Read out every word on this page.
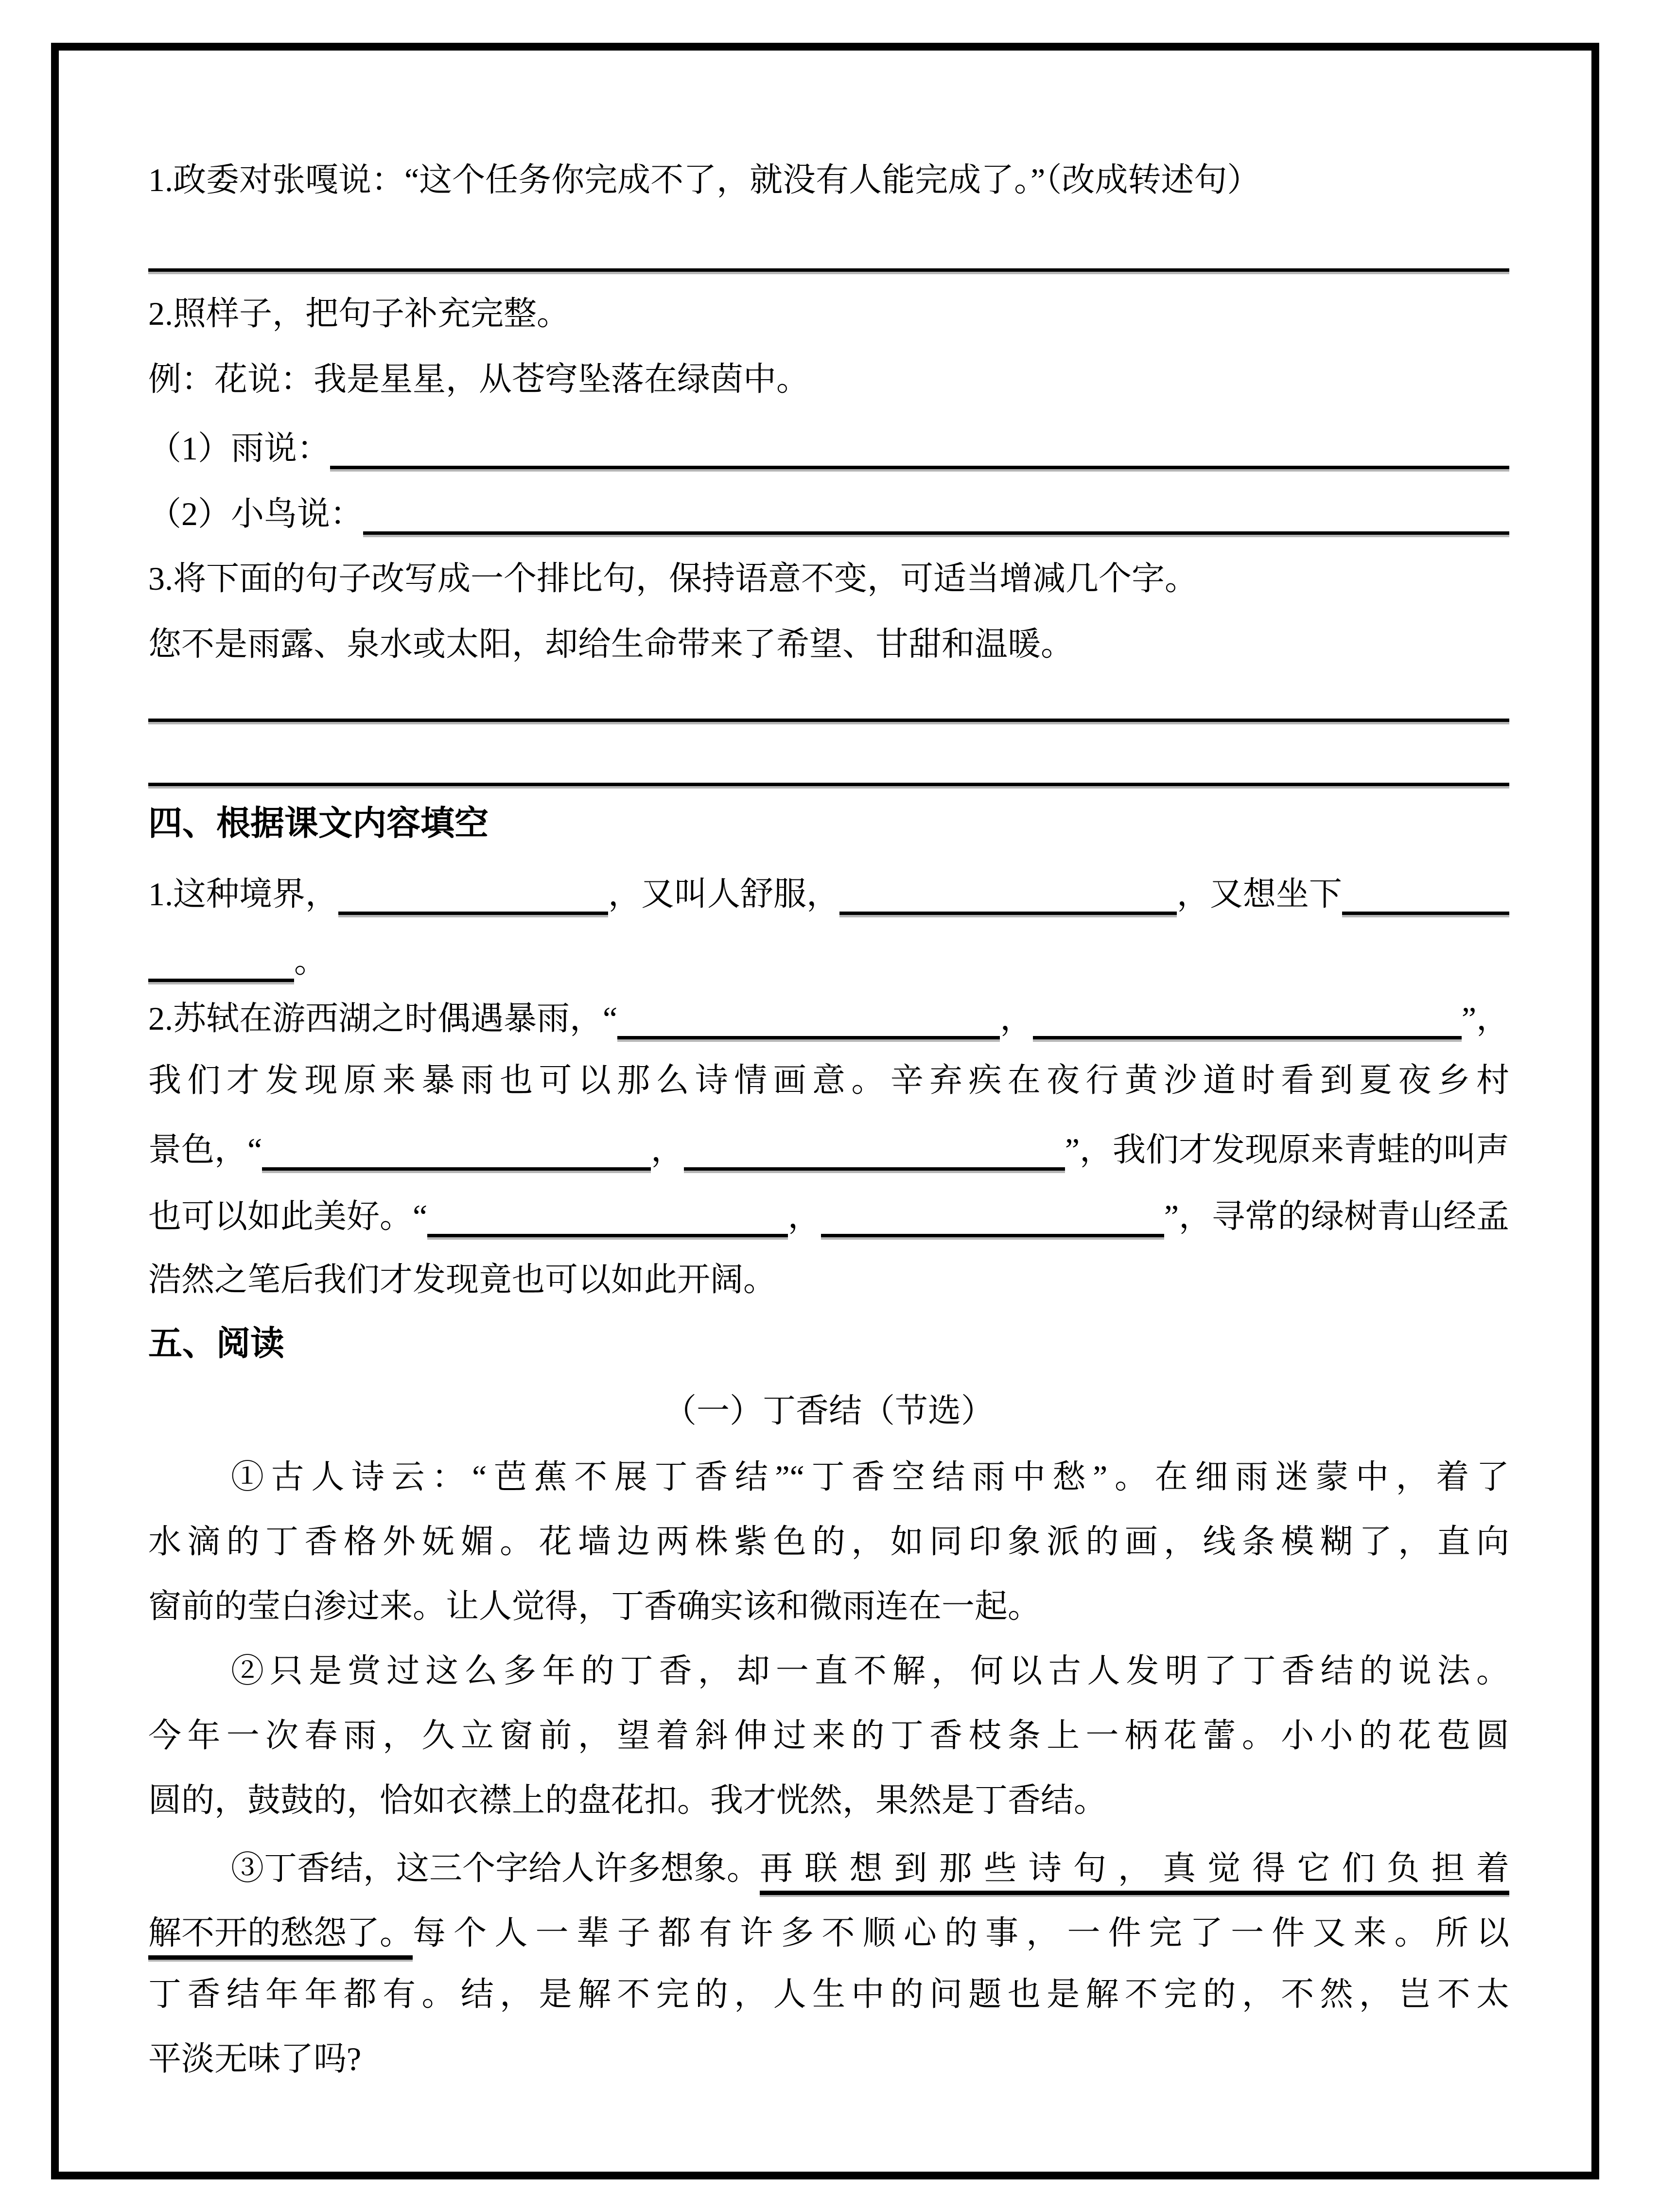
1.政委对张嘎说：“这个任务你完成不了，就没有人能完成了。”（改成转述句）
2.照样子，把句子补充完整。
例：花说：我是星星，从苍穹坠落在绿茵中。
（1）雨说：
（2）小鸟说：
3.将下面的句子改写成一个排比句，保持语意不变，可适当增减几个字。
您不是雨露、泉水或太阳，却给生命带来了希望、甘甜和温暖。
四、根据课文内容填空
1.这种境界，	，又叫人舒服，	，又想坐下
。
2.苏轼在游西湖之时偶遇暴雨，“	，	”，
我们才发现原来暴雨也可以那么诗情画意。辛弃疾在夜行黄沙道时看到夏夜乡村
景色，“	，	”，我们才发现原来青蛙的叫声
也可以如此美好。“	，	”，寻常的绿树青山经孟
浩然之笔后我们才发现竟也可以如此开阔。
五、阅读
（一）丁香结（节选）
①古人诗云：“芭蕉不展丁香结”“丁香空结雨中愁”。在细雨迷蒙中，着了
水滴的丁香格外妩媚。花墙边两株紫色的，如同印象派的画，线条模糊了，直向
窗前的莹白渗过来。让人觉得，丁香确实该和微雨连在一起。
②只是赏过这么多年的丁香，却一直不解，何以古人发明了丁香结的说法。
今年一次春雨，久立窗前，望着斜伸过来的丁香枝条上一柄花蕾。小小的花苞圆
圆的，鼓鼓的，恰如衣襟上的盘花扣。我才恍然，果然是丁香结。
③丁香结，这三个字给人许多想象。 再联想到那些诗句，真觉得它们负担着
解不开的愁怨了。 每个人一辈子都有许多不顺心的事，一件完了一件又来。所以
丁香结年年都有。结，是解不完的，人生中的问题也是解不完的，不然，岂不太
平淡无味了吗?
